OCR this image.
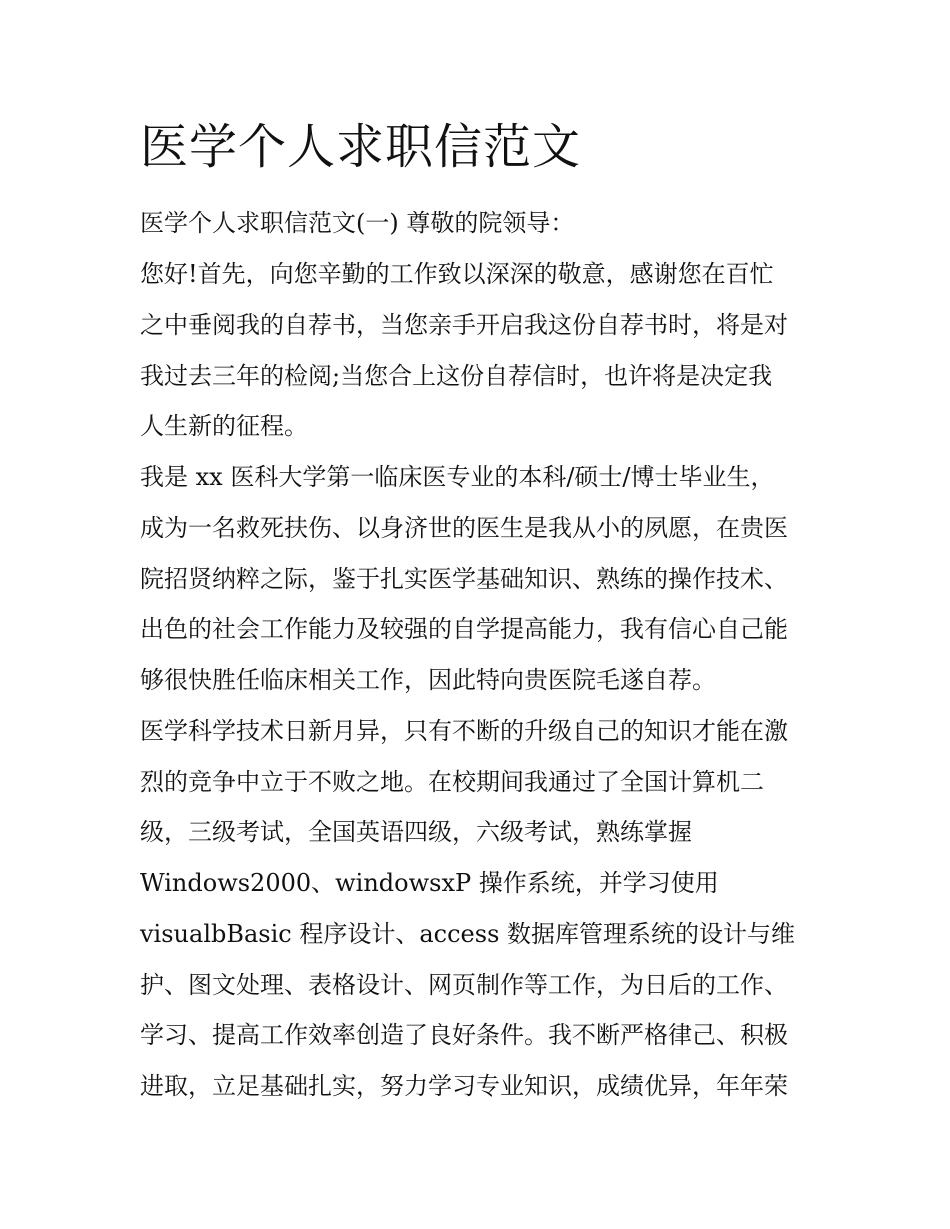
医学个人求职信范文

医学个人求职信范文(一) 尊敬的院领导：

您好!首先，向您辛勤的工作致以深深的敬意，感谢您在百忙

之中垂阅我的自荐书，当您亲手开启我这份自荐书时，将是对

我过去三年的检阅;当您合上这份自荐信时，也许将是决定我

人生新的征程。

我是 xx 医科大学第一临床医专业的本科/硕士/博士毕业生，

成为一名救死扶伤、以身济世的医生是我从小的夙愿，在贵医

院招贤纳粹之际，鉴于扎实医学基础知识、熟练的操作技术、

出色的社会工作能力及较强的自学提高能力，我有信心自己能

够很快胜任临床相关工作，因此特向贵医院毛遂自荐。

医学科学技术日新月异，只有不断的升级自己的知识才能在激

烈的竞争中立于不败之地。在校期间我通过了全国计算机二

级，三级考试，全国英语四级，六级考试，熟练掌握

Windows2000、windowsxP 操作系统，并学习使用

visualbBasic 程序设计、access 数据库管理系统的设计与维

护、图文处理、表格设计、网页制作等工作，为日后的工作、

学习、提高工作效率创造了良好条件。我不断严格律己、积极

进取，立足基础扎实，努力学习专业知识，成绩优异，年年荣
